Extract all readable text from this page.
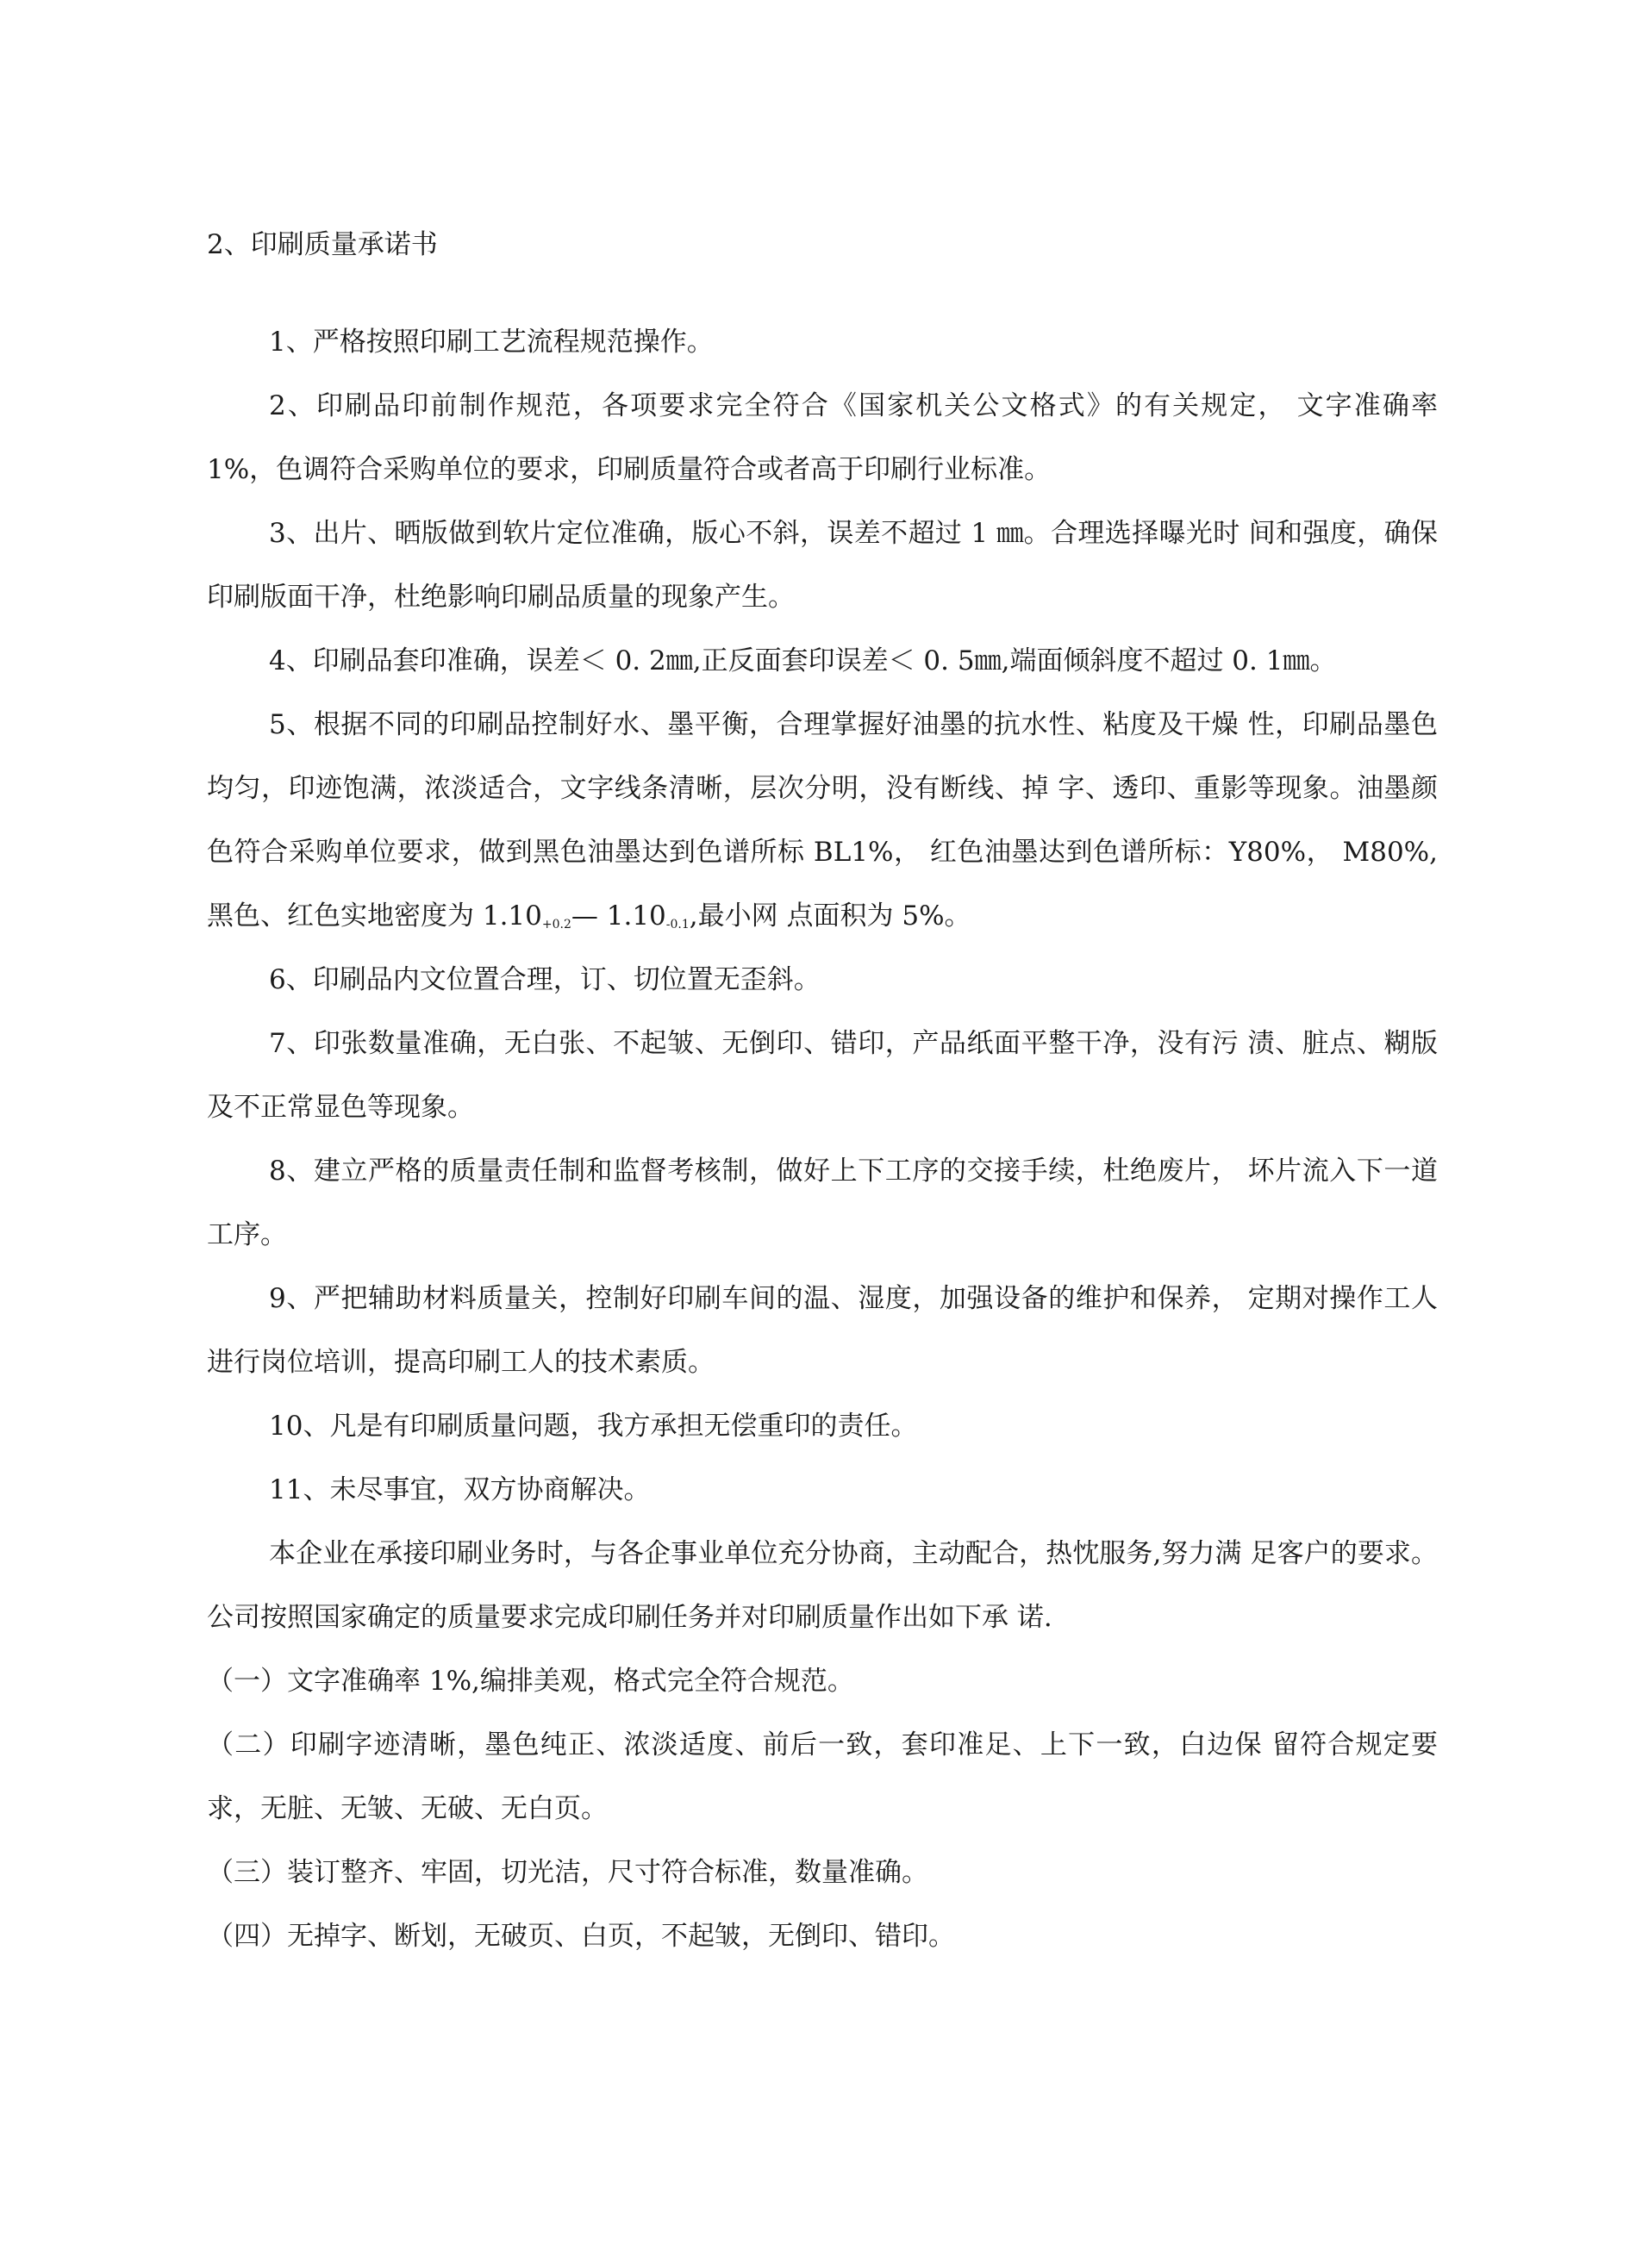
2、印刷质量承诺书

1、严格按照印刷工艺流程规范操作。

2、印刷品印前制作规范，各项要求完全符合《国家机关公文格式》的有关规定， 文字准确率 1%，色调符合采购单位的要求，印刷质量符合或者高于印刷行业标准。

3、出片、晒版做到软片定位准确，版心不斜，误差不超过 1 ㎜。合理选择曝光时 间和强度，确保印刷版面干净，杜绝影响印刷品质量的现象产生。

4、印刷品套印准确，误差＜ 0. 2㎜,正反面套印误差＜ 0. 5㎜,端面倾斜度不超过 0. 1㎜。

5、根据不同的印刷品控制好水、墨平衡，合理掌握好油墨的抗水性、粘度及干燥 性，印刷品墨色均匀，印迹饱满，浓淡适合，文字线条清晰，层次分明，没有断线、掉 字、透印、重影等现象。油墨颜色符合采购单位要求，做到黑色油墨达到色谱所标 BL1%， 红色油墨达到色谱所标：Y80%， M80%,黑色、红色实地密度为 $1.10_{+0.2}—$ $1.10_{-0.1}$,最小网 点面积为 5%。

6、印刷品内文位置合理，订、切位置无歪斜。

7、印张数量准确，无白张、不起皱、无倒印、错印，产品纸面平整干净，没有污 渍、脏点、糊版及不正常显色等现象。

8、建立严格的质量责任制和监督考核制，做好上下工序的交接手续，杜绝废片， 坏片流入下一道工序。

9、严把辅助材料质量关，控制好印刷车间的温、湿度，加强设备的维护和保养， 定期对操作工人进行岗位培训，提高印刷工人的技术素质。

10、凡是有印刷质量问题，我方承担无偿重印的责任。

11、未尽事宜，双方协商解决。

本企业在承接印刷业务时，与各企事业单位充分协商，主动配合，热忱服务,努力满 足客户的要求。公司按照国家确定的质量要求完成印刷任务并对印刷质量作出如下承 诺.

（一）文字准确率 1%,编排美观，格式完全符合规范。

（二）印刷字迹清晰，墨色纯正、浓淡适度、前后一致，套印准足、上下一致，白边保 留符合规定要求，无脏、无皱、无破、无白页。

（三）装订整齐、牢固，切光洁，尺寸符合标准，数量准确。

（四）无掉字、断划，无破页、白页，不起皱，无倒印、错印。
